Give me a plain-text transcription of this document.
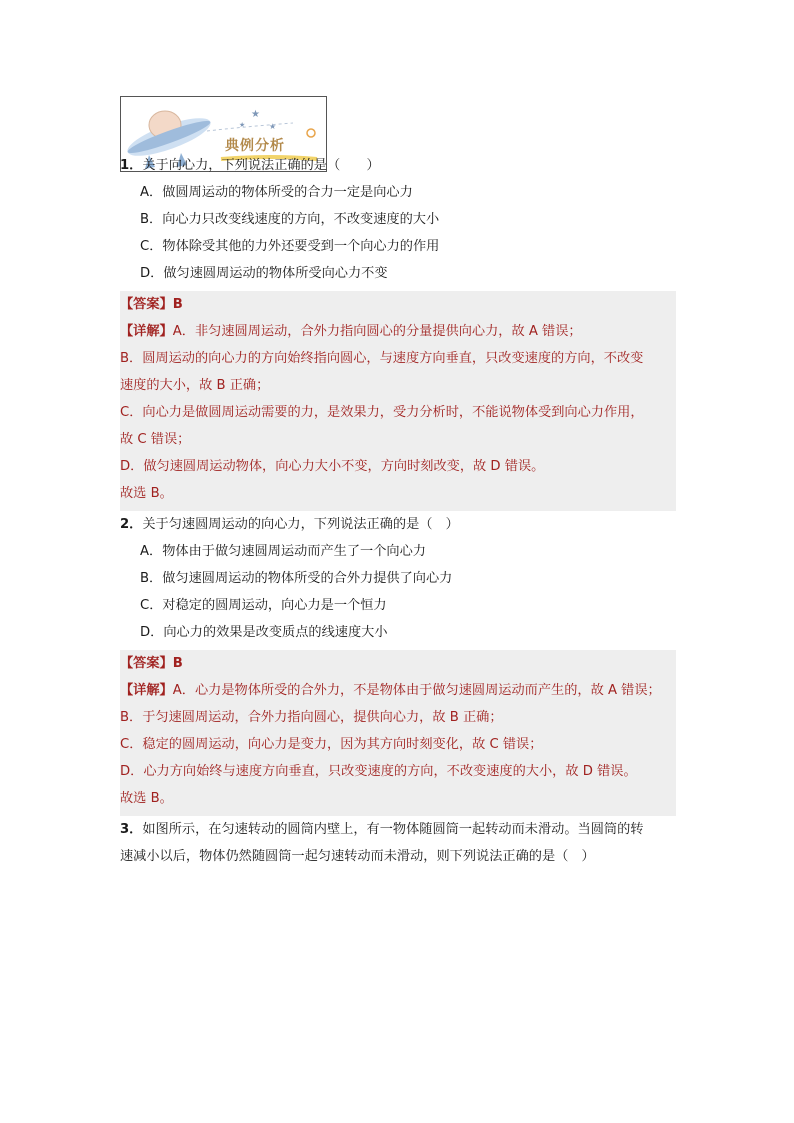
★
★
★
典例分析

1．关于向心力，下列说法正确的是（　　）

A．做圆周运动的物体所受的合力一定是向心力

B．向心力只改变线速度的方向，不改变速度的大小

C．物体除受其他的力外还要受到一个向心力的作用

D．做匀速圆周运动的物体所受向心力不变

【答案】B

【详解】A．非匀速圆周运动，合外力指向圆心的分量提供向心力，故 A 错误；

B．圆周运动的向心力的方向始终指向圆心，与速度方向垂直，只改变速度的方向，不改变

速度的大小，故 B 正确；

C．向心力是做圆周运动需要的力，是效果力，受力分析时，不能说物体受到向心力作用，

故 C 错误；

D．做匀速圆周运动物体，向心力大小不变，方向时刻改变，故 D 错误。

故选 B。

2．关于匀速圆周运动的向心力，下列说法正确的是（　）

A．物体由于做匀速圆周运动而产生了一个向心力

B．做匀速圆周运动的物体所受的合外力提供了向心力

C．对稳定的圆周运动，向心力是一个恒力

D．向心力的效果是改变质点的线速度大小

【答案】B

【详解】A．心力是物体所受的合外力，不是物体由于做匀速圆周运动而产生的，故 A 错误；

B．于匀速圆周运动，合外力指向圆心，提供向心力，故 B 正确；

C．稳定的圆周运动，向心力是变力，因为其方向时刻变化，故 C 错误；

D．心力方向始终与速度方向垂直，只改变速度的方向，不改变速度的大小，故 D 错误。

故选 B。

3．如图所示，在匀速转动的圆筒内壁上，有一物体随圆筒一起转动而未滑动。当圆筒的转

速减小以后，物体仍然随圆筒一起匀速转动而未滑动，则下列说法正确的是（　）
